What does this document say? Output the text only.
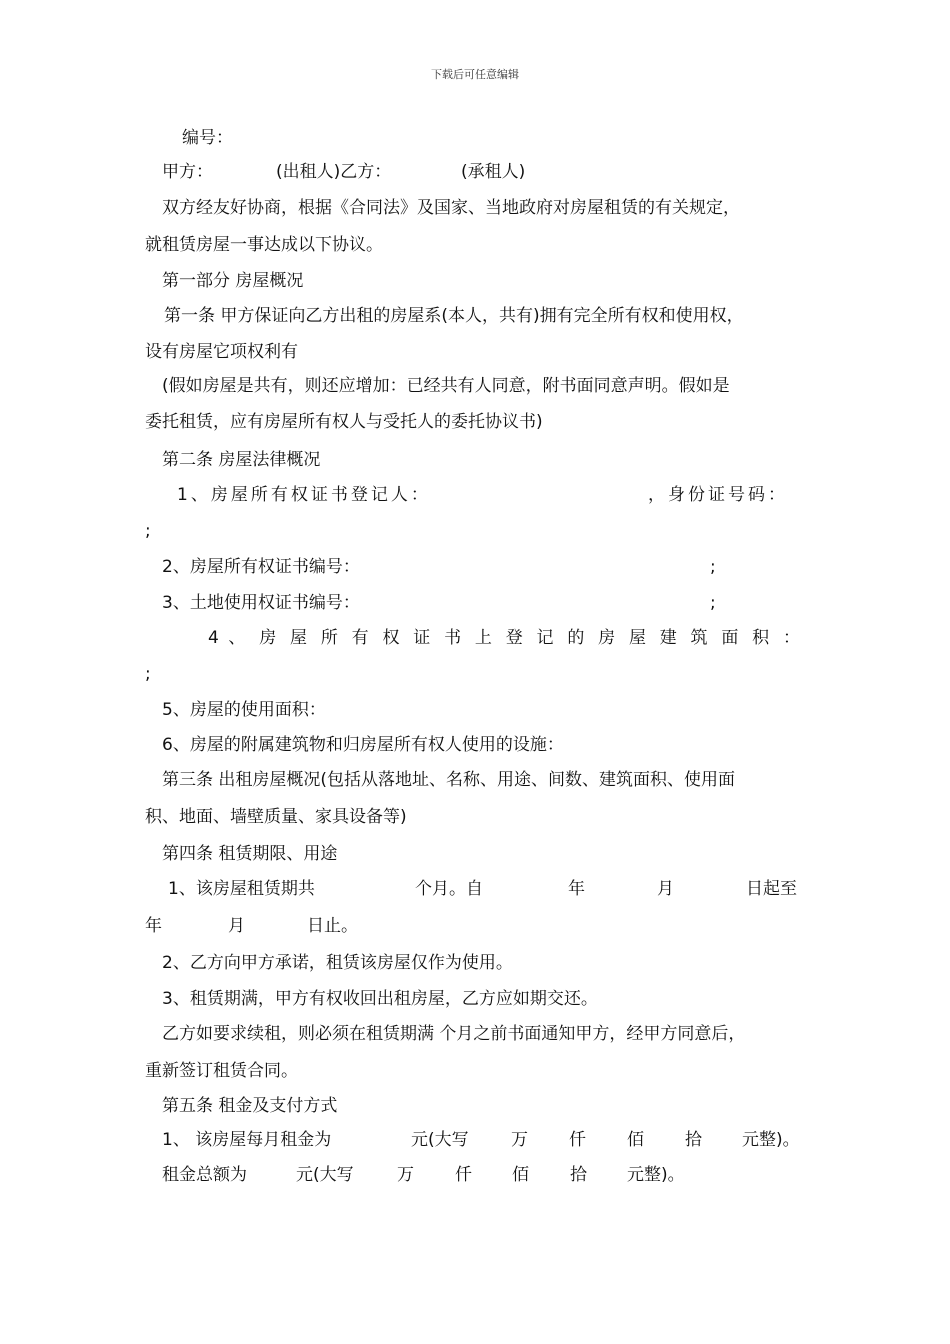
下载后可任意编辑
编号：
甲方：	(出租人)乙方：	(承租人)
双方经友好协商，根据《合同法》及国家、当地政府对房屋租赁的有关规定，
就租赁房屋一事达成以下协议。
第一部分 房屋概况
第一条 甲方保证向乙方出租的房屋系(本人，共有)拥有完全所有权和使用权，
设有房屋它项权利有
(假如房屋是共有，则还应增加：已经共有人同意，附书面同意声明。假如是
委托租赁，应有房屋所有权人与受托人的委托协议书)
第二条 房屋法律概况
1、房屋所有权证书登记人：	，身份证号码：
;
2、房屋所有权证书编号：	;
3、土地使用权证书编号：	;
4 、 房 屋 所 有 权 证 书 上 登 记 的 房 屋 建 筑 面 积 ：
;
5、房屋的使用面积：
6、房屋的附属建筑物和归房屋所有权人使用的设施：
第三条 出租房屋概况(包括从落地址、名称、用途、间数、建筑面积、使用面
积、地面、墙壁质量、家具设备等)
第四条 租赁期限、用途
1、该房屋租赁期共	个月。自	年	月	日起至
年	月	日止。
2、乙方向甲方承诺，租赁该房屋仅作为使用。
3、租赁期满，甲方有权收回出租房屋，乙方应如期交还。
乙方如要求续租，则必须在租赁期满 个月之前书面通知甲方，经甲方同意后，
重新签订租赁合同。
第五条 租金及支付方式
1、 该房屋每月租金为	元(大写 万 仟 佰 拾 元整)。
租金总额为	元(大写	万 仟 佰 拾 元整)。
